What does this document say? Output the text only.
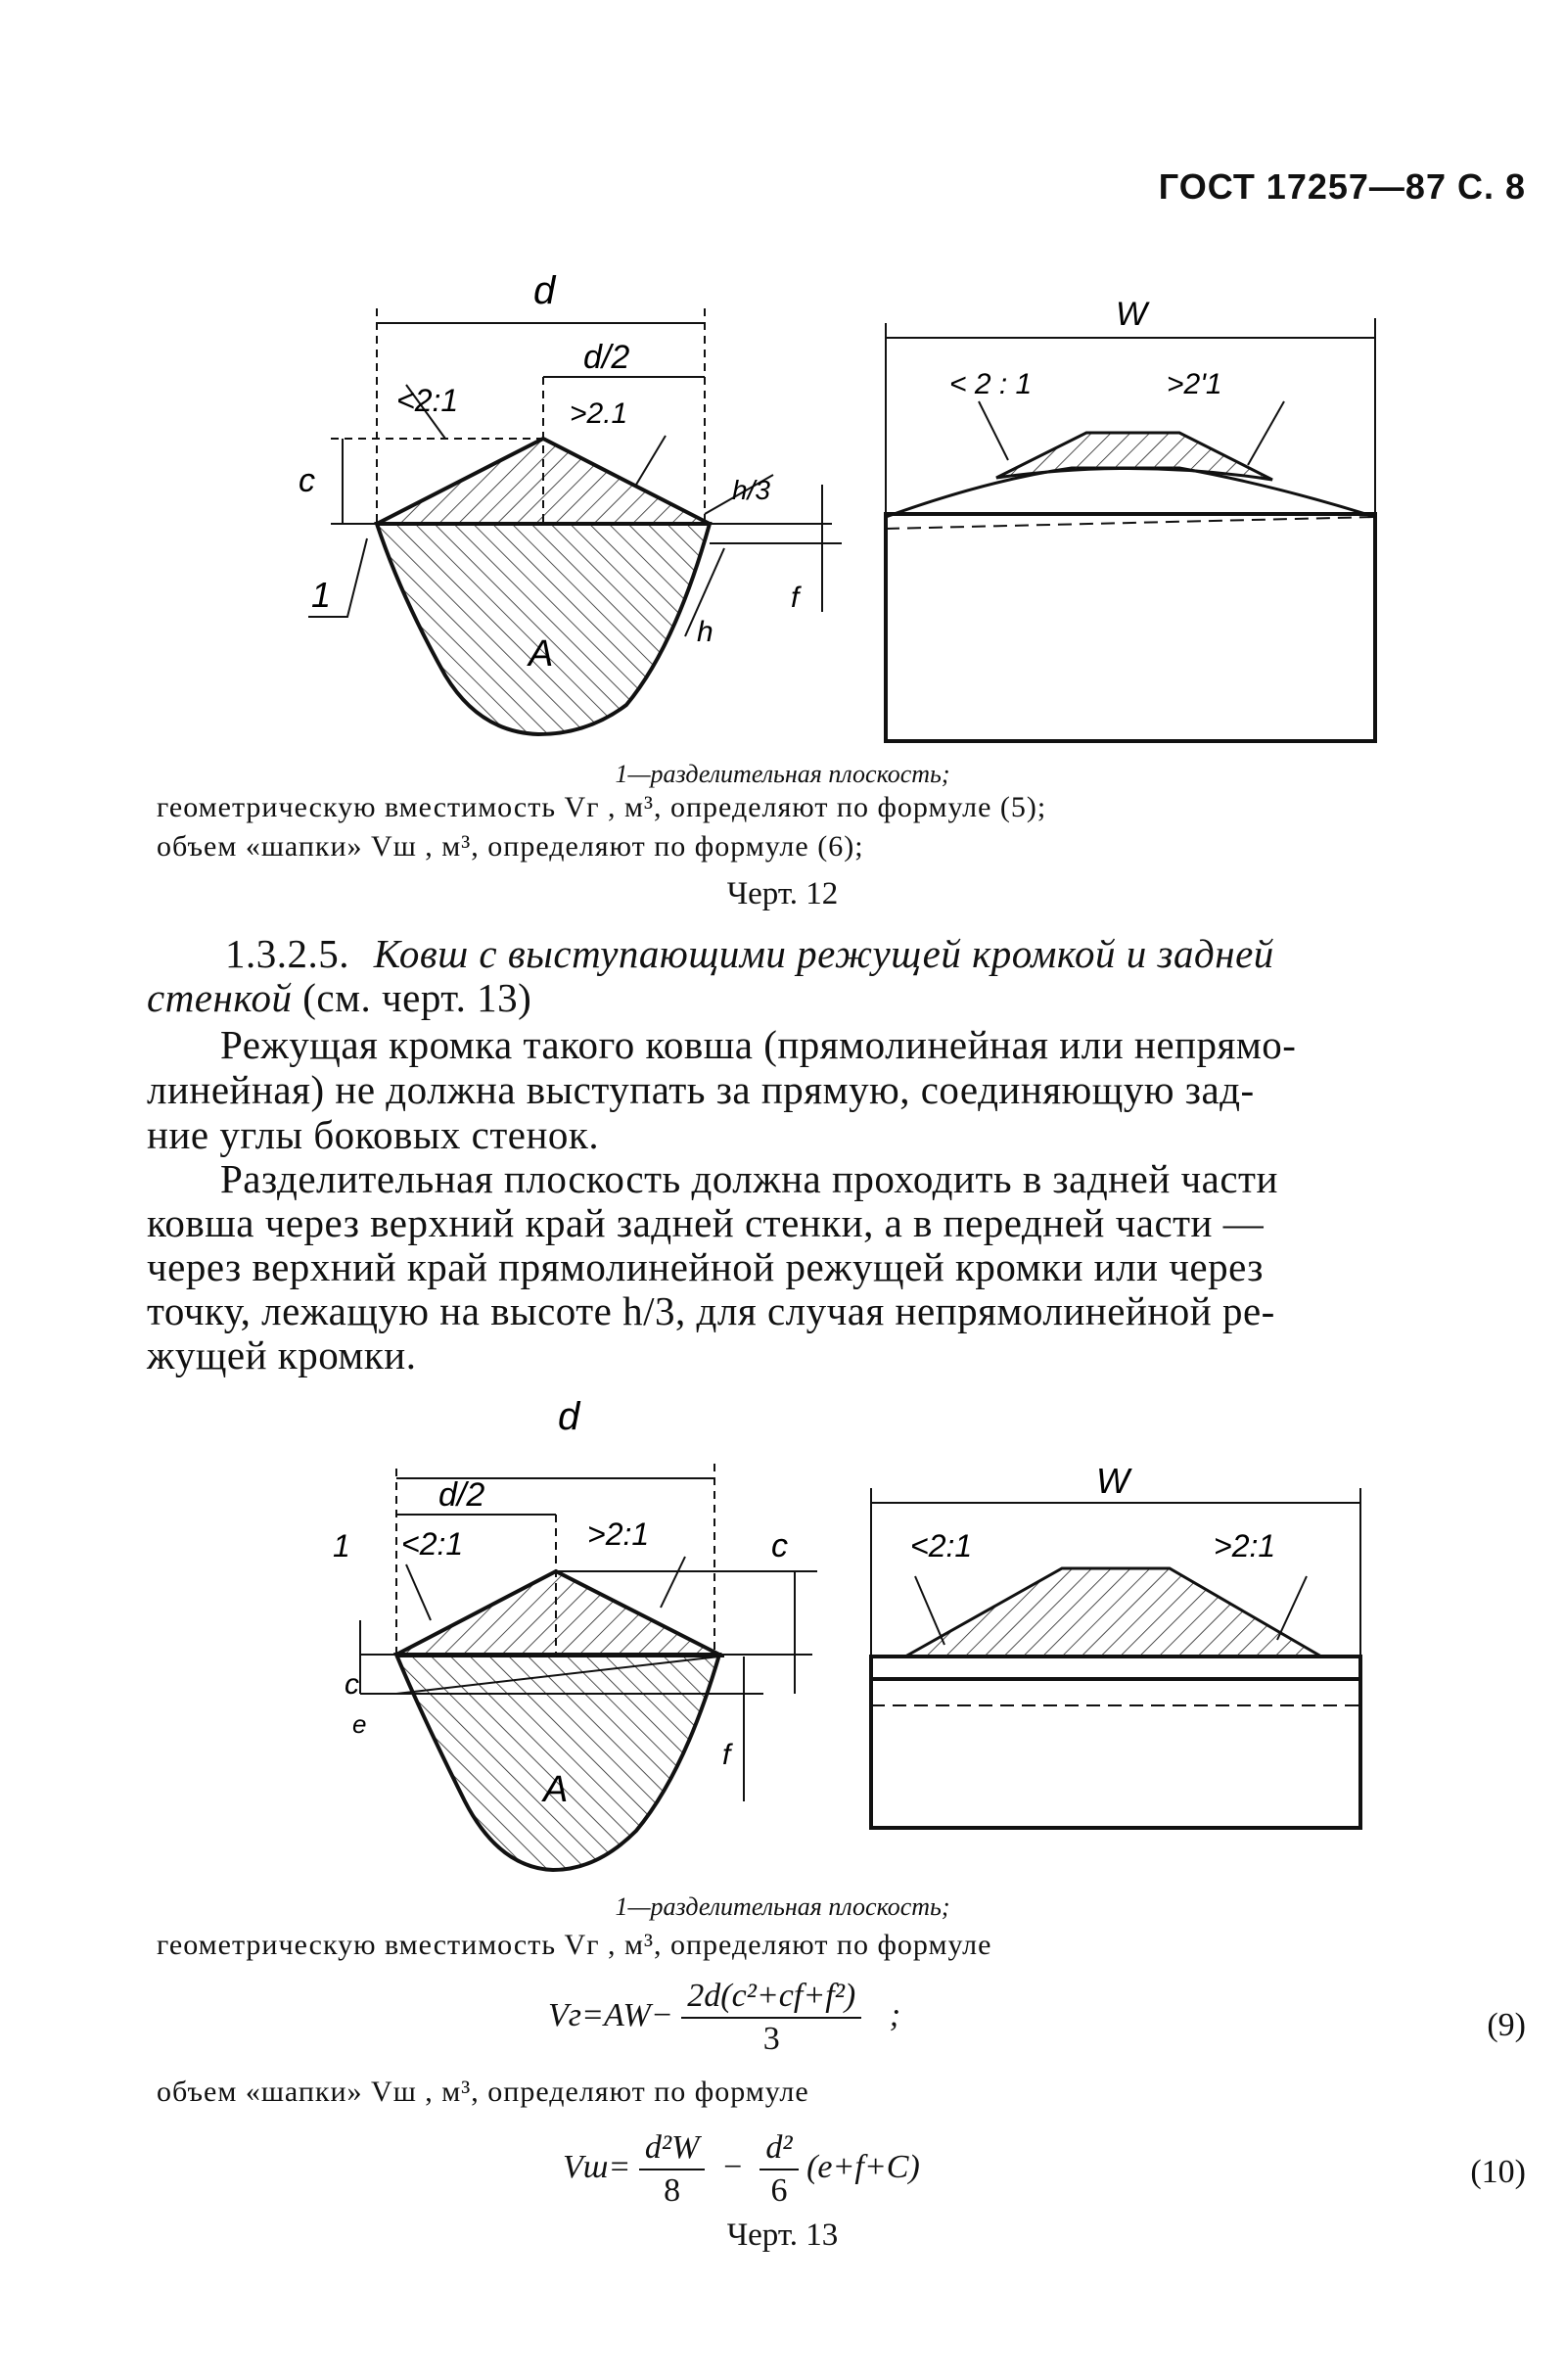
ГОСТ 17257—87 С. 8
d
d/2
<2:1	>2.1
c	h/3
1
h
f
A
W
< 2 : 1	>2'1
1—разделительная плоскость;
геометрическую вместимость Vг , м³, определяют по формуле (5);
объем «шапки» Vш , м³, определяют по формуле (6);
Черт. 12
1.3.2.5. Ковш с выступающими режущей кромкой и задней
стенкой (см. черт. 13)
Режущая кромка такого ковша (прямолинейная или непрямо-
линейная) не должна выступать за прямую, соединяющую зад-
ние углы боковых стенок.
Разделительная плоскость должна проходить в задней части
ковша через верхний край задней стенки, а в передней части —
через верхний край прямолинейной режущей кромки или через
точку, лежащую на высоте h/3, для случая непрямолинейной ре-
жущей кромки.
d
d/2
<2:1	>2:1
1
c
e
c
f
A
W
<2:1	>2:1
1—разделительная плоскость;
геометрическую вместимость Vг , м³, определяют по формуле
$Vг=AW- \frac{\text{2d(c²+cf+f²)}}{3}$ ;	(9)
объем «шапки» Vш , м³, определяют по формуле
$Vш= \frac{\text{d²W}}{8} - \frac{\text{d²}}{6} (e+f+C)$	(10)
Черт. 13
